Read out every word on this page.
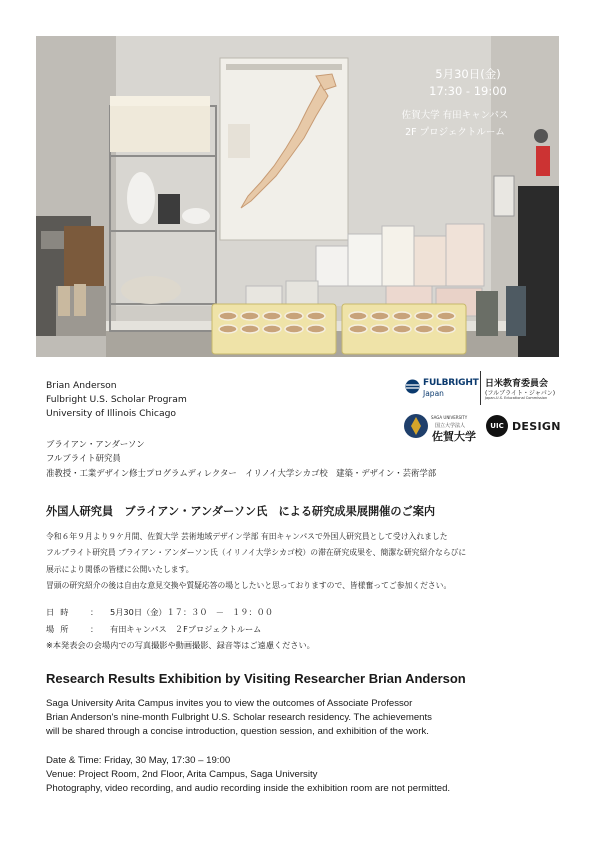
5月30日(金)
17:30 - 19:00
佐賀大学 有田キャンパス
2F プロジェクトルーム
Brian Anderson
Fulbright U.S. Scholar Program
University of Illinois Chicago
ブライアン・アンダーソン
フルブライト研究員
准教授・工業デザイン修士プログラムディレクター　イリノイ大学シカゴ校　建築・デザイン・芸術学部
FULBRIGHT
Japan
日米教育委員会
(フルブライト・ジャパン)
Japan-U.S. Educational Commission
SAGA UNIVERSITY
国立大学法人
佐賀大学
UIC DESIGN
外国人研究員　ブライアン・アンダーソン氏　による研究成果展開催のご案内
令和６年９月より９ケ月間、佐賀大学 芸術地域デザイン学部 有田キャンパスで外国人研究員として受け入れました
フルブライト研究員 ブライアン・アンダーソン氏（イリノイ大学シカゴ校）の滞在研究成果を、簡潔な研究紹介ならびに
展示により関係の皆様に公開いたします。
冒頭の研究紹介の後は自由な意見交換や質疑応答の場としたいと思っておりますので、皆様奮ってご参加ください。
日時 ： 5月30日（金）１７：３０　－　１９：００
場所 ： 有田キャンパス　２Fプロジェクトルーム
※本発表会の会場内での写真撮影や動画撮影、録音等はご遠慮ください。
Research Results Exhibition by Visiting Researcher Brian Anderson
Saga University Arita Campus invites you to view the outcomes of Associate Professor
Brian Anderson's nine-month Fulbright U.S. Scholar research residency. The achievements
will be shared through a concise introduction, question session, and exhibition of the work.
Date & Time: Friday, 30 May, 17:30 – 19:00
Venue: Project Room, 2nd Floor, Arita Campus, Saga University
Photography, video recording, and audio recording inside the exhibition room are not permitted.
